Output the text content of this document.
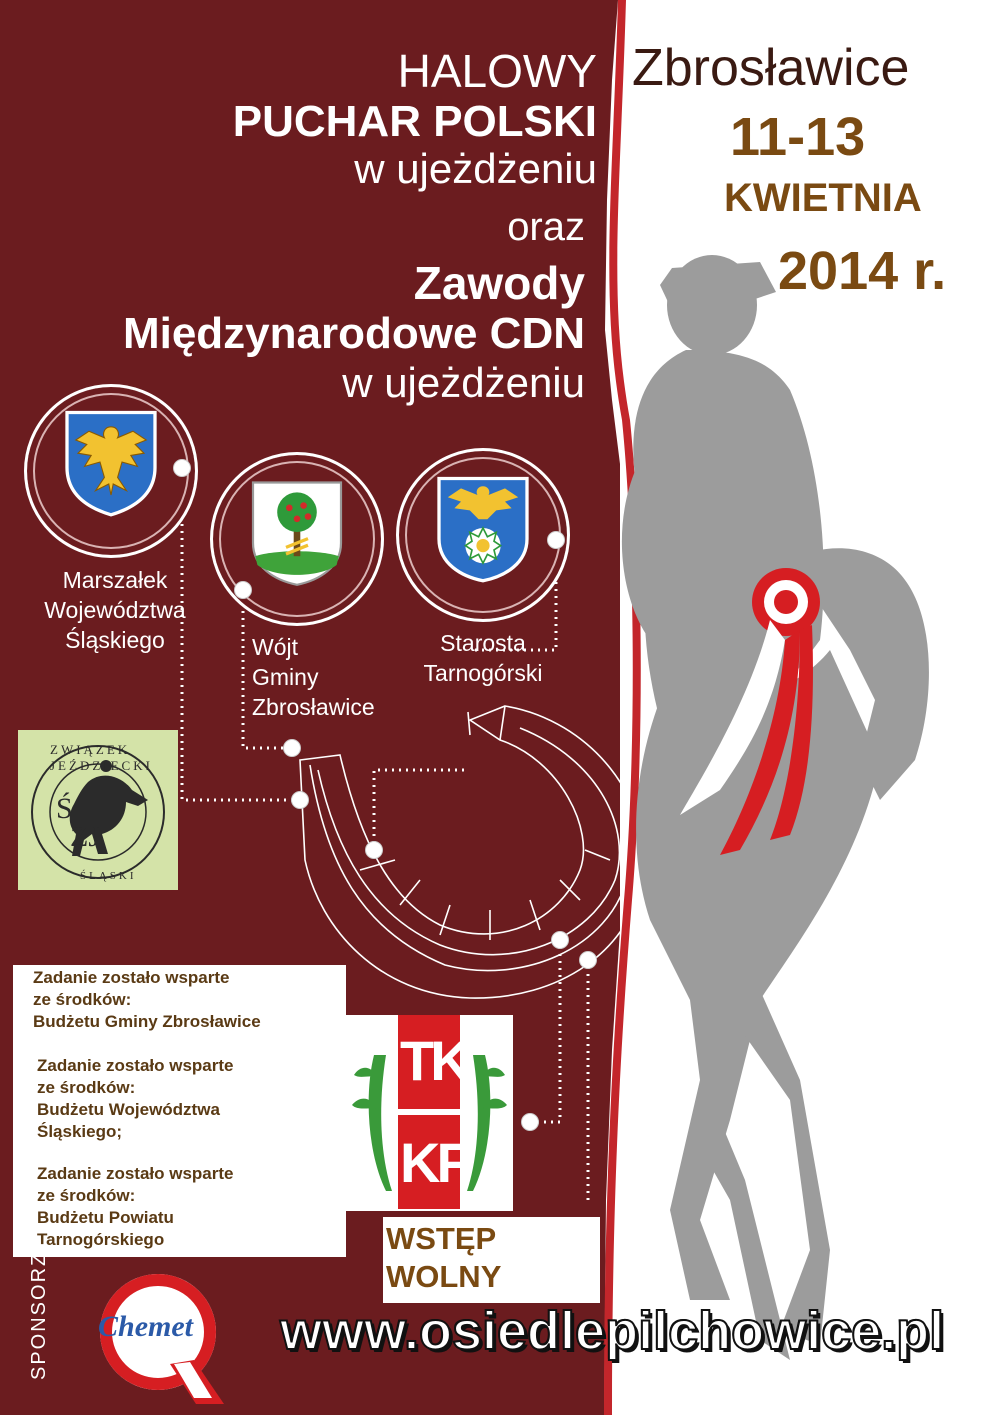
HALOWY

PUCHAR POLSKI

w ujeżdżeniu

oraz

Zawody

Międzynarodowe CDN

w ujeżdżeniu

Zbrosławice

11-13

KWIETNIA

2014 r.

Marszałek
Województwa
Śląskiego	Wójt
Gminy
Zbrosławice
Starosta
Tarnogórski
ZWIĄZEK JEŹDZIECKI
ŚLĄSKI
Ś
ZJ

Zadanie zostało wsparte

ze środków:

Budżetu Gminy Zbrosławice

Zadanie zostało wsparte

ze środków:

Budżetu Województwa

Śląskiego;

Zadanie zostało wsparte

ze środków:

Budżetu Powiatu

Tarnogórskiego

TK
KF
WSTĘP
WOLNY
SPONSORZY Chemet www.osiedlepilchowice.pl
